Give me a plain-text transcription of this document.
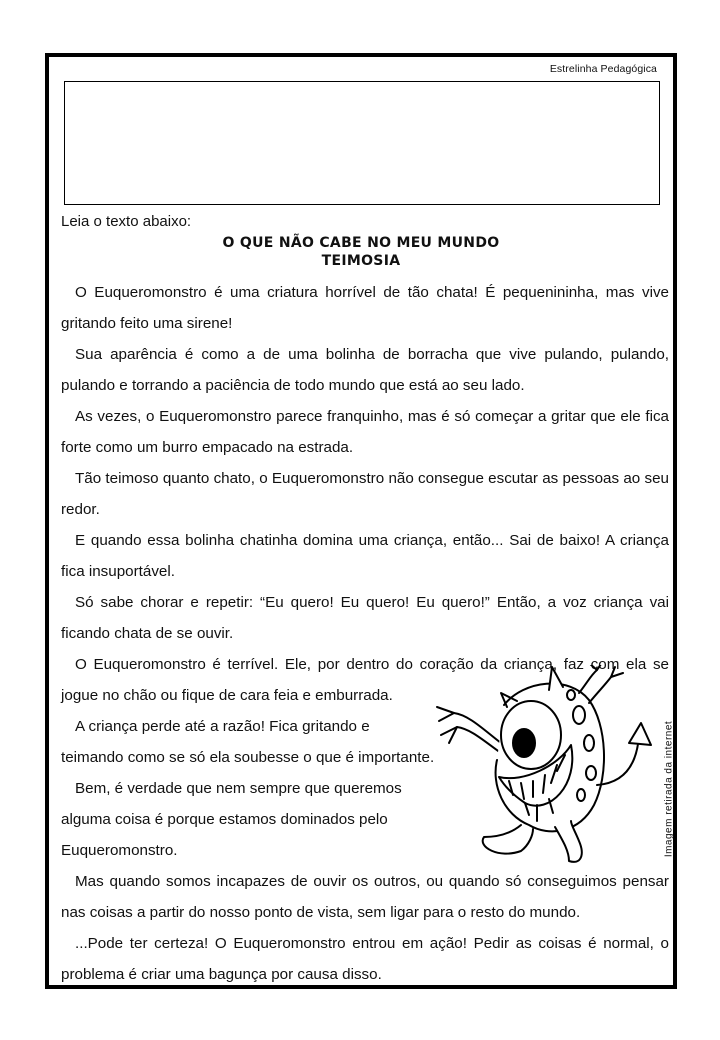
Estrelinha Pedagógica
Leia o texto abaixo:
O QUE NÃO CABE NO MEU MUNDO
TEIMOSIA

O Euqueromonstro é uma criatura horrível de tão chata! É pequenininha, mas vive gritando feito uma sirene!

Sua aparência é como a de uma bolinha de borracha que vive pulando, pulando, pulando e torrando a paciência de todo mundo que está ao seu lado.

As vezes, o Euqueromonstro parece franquinho, mas é só começar a gritar que ele fica forte como um burro empacado na estrada.

Tão teimoso quanto chato, o Euqueromonstro não consegue escutar as pessoas ao seu redor.

E quando essa bolinha chatinha domina uma criança, então... Sai de baixo! A criança fica insuportável.

Só sabe chorar e repetir: “Eu quero! Eu quero! Eu quero!” Então, a voz criança vai ficando chata de se ouvir.

O Euqueromonstro é terrível. Ele, por dentro do coração da criança, faz com ela se jogue no chão ou fique de cara feia e emburrada.

A criança perde até a razão! Fica gritando e

teimando como se só ela soubesse o que é importante.

Bem, é verdade que nem sempre que queremos

alguma coisa é porque estamos dominados pelo

Euqueromonstro.

Mas quando somos incapazes de ouvir os outros, ou quando só conseguimos pensar nas coisas a partir do nosso ponto de vista, sem ligar para o resto do mundo.

...Pode ter certeza! O Euqueromonstro entrou em ação! Pedir as coisas é normal, o problema é criar uma bagunça por causa disso.

Imagem retirada da internet
